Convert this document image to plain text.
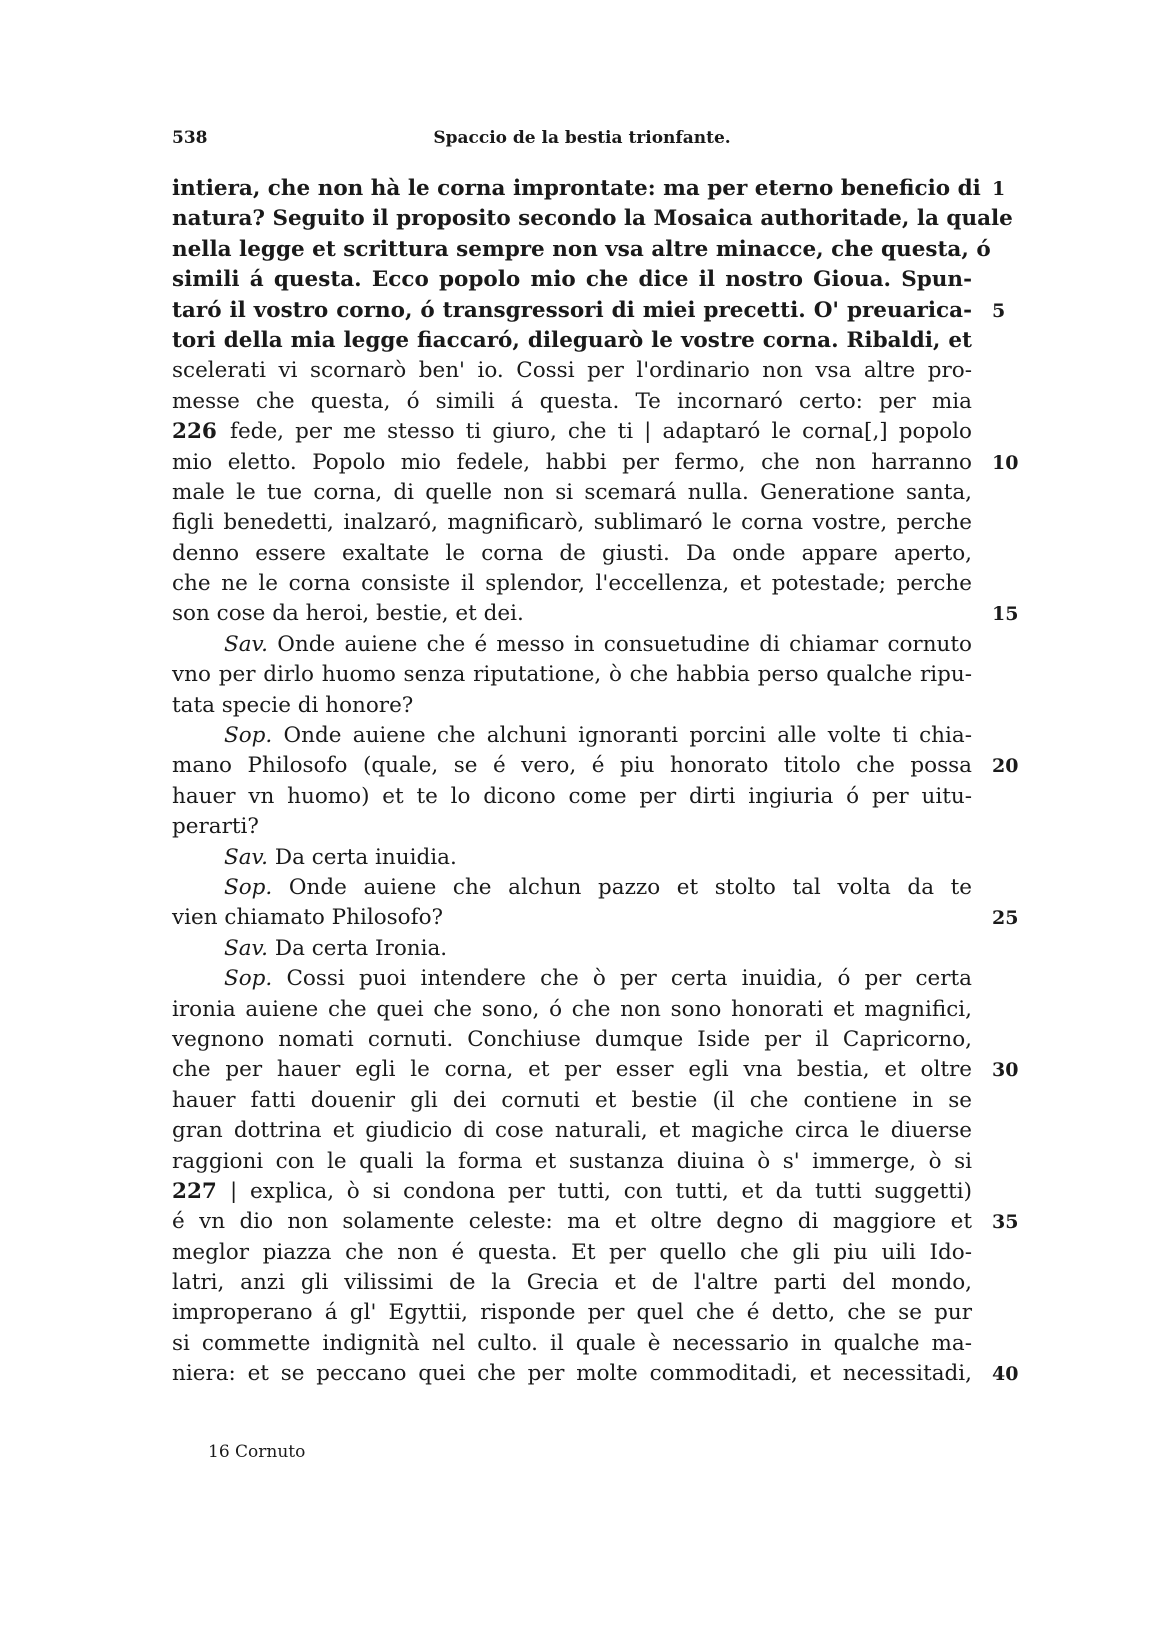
538	Spaccio de la bestia trionfante.
intiera, che non hà le corna improntate: ma per eterno beneficio di 1
natura? Seguito il proposito secondo la Mosaica authoritade, la quale
nella legge et scrittura sempre non vsa altre minacce, che questa, ó
simili á questa. Ecco popolo mio che dice il nostro Gioua. Spun-
taró il vostro corno, ó transgressori di miei precetti. O' preuarica- 5
tori della mia legge fiaccaró, dileguarò le vostre corna. Ribaldi, et
scelerati vi scornarò ben' io. Cossi per l'ordinario non vsa altre pro-
messe che questa, ó simili á questa. Te incornaró certo: per mia
226 fede, per me stesso ti giuro, che ti | adaptaró le corna[,] popolo
mio eletto. Popolo mio fedele, habbi per fermo, che non harranno 10
male le tue corna, di quelle non si scemará nulla. Generatione santa,
figli benedetti, inalzaró, magnificarò, sublimaró le corna vostre, perche
denno essere exaltate le corna de giusti. Da onde appare aperto,
che ne le corna consiste il splendor, l'eccellenza, et potestade; perche
son cose da heroi, bestie, et dei.	15
Sav. Onde auiene che é messo in consuetudine di chiamar cornuto
vno per dirlo huomo senza riputatione, ò che habbia perso qualche ripu-
tata specie di honore?
Sop. Onde auiene che alchuni ignoranti porcini alle volte ti chia-
mano Philosofo (quale, se é vero, é piu honorato titolo che possa 20
hauer vn huomo) et te lo dicono come per dirti ingiuria ó per uitu-
perarti?
Sav. Da certa inuidia.
Sop. Onde auiene che alchun pazzo et stolto tal volta da te
vien chiamato Philosofo?	25
Sav. Da certa Ironia.
Sop. Cossi puoi intendere che ò per certa inuidia, ó per certa
ironia auiene che quei che sono, ó che non sono honorati et magnifici,
vegnono nomati cornuti. Conchiuse dumque Iside per il Capricorno,
che per hauer egli le corna, et per esser egli vna bestia, et oltre 30
hauer fatti douenir gli dei cornuti et bestie (il che contiene in se
gran dottrina et giudicio di cose naturali, et magiche circa le diuerse
raggioni con le quali la forma et sustanza diuina ò s' immerge, ò si
227 | explica, ò si condona per tutti, con tutti, et da tutti suggetti)
é vn dio non solamente celeste: ma et oltre degno di maggiore et 35
meglor piazza che non é questa. Et per quello che gli piu uili Ido-
latri, anzi gli vilissimi de la Grecia et de l'altre parti del mondo,
improperano á gl' Egyttii, risponde per quel che é detto, che se pur
si commette indignità nel culto. il quale è necessario in qualche ma-
niera: et se peccano quei che per molte commoditadi, et necessitadi, 40
16 Cornuto
